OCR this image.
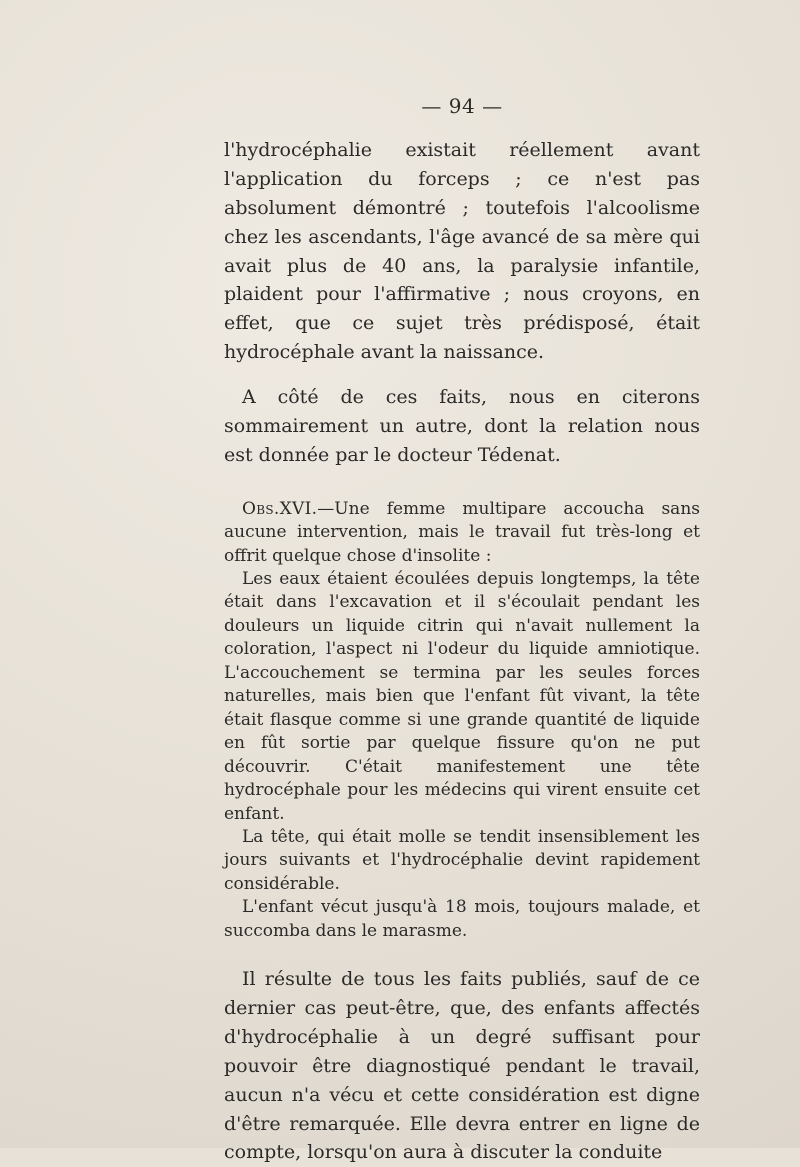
— 94 —

l'hydrocéphalie existait réellement avant l'application du forceps ; ce n'est pas absolument démontré ; toutefois l'alcoolisme chez les ascendants, l'âge avancé de sa mère qui avait plus de 40 ans, la paralysie infantile, plaident pour l'affirmative ; nous croyons, en effet, que ce sujet très prédisposé, était hydrocéphale avant la naissance.

A côté de ces faits, nous en citerons sommairement un autre, dont la relation nous est donnée par le docteur Tédenat.

Obs.XVI.—Une femme multipare accoucha sans aucune intervention, mais le travail fut très-long et offrit quelque chose d'insolite :

Les eaux étaient écoulées depuis longtemps, la tête était dans l'excavation et il s'écoulait pendant les douleurs un liquide citrin qui n'avait nullement la coloration, l'aspect ni l'odeur du liquide amniotique. L'accouchement se termina par les seules forces naturelles, mais bien que l'enfant fût vivant, la tête était flasque comme si une grande quantité de liquide en fût sortie par quelque fissure qu'on ne put découvrir. C'était manifestement une tête hydrocéphale pour les médecins qui virent ensuite cet enfant.

La tête, qui était molle se tendit insensiblement les jours suivants et l'hydrocéphalie devint rapidement considérable.

L'enfant vécut jusqu'à 18 mois, toujours malade, et succomba dans le marasme.

Il résulte de tous les faits publiés, sauf de ce dernier cas peut-être, que, des enfants affectés d'hydrocéphalie à un degré suffisant pour pouvoir être diagnostiqué pendant le travail, aucun n'a vécu et cette considération est digne d'être remarquée. Elle devra entrer en ligne de compte, lorsqu'on aura à discuter la conduite
